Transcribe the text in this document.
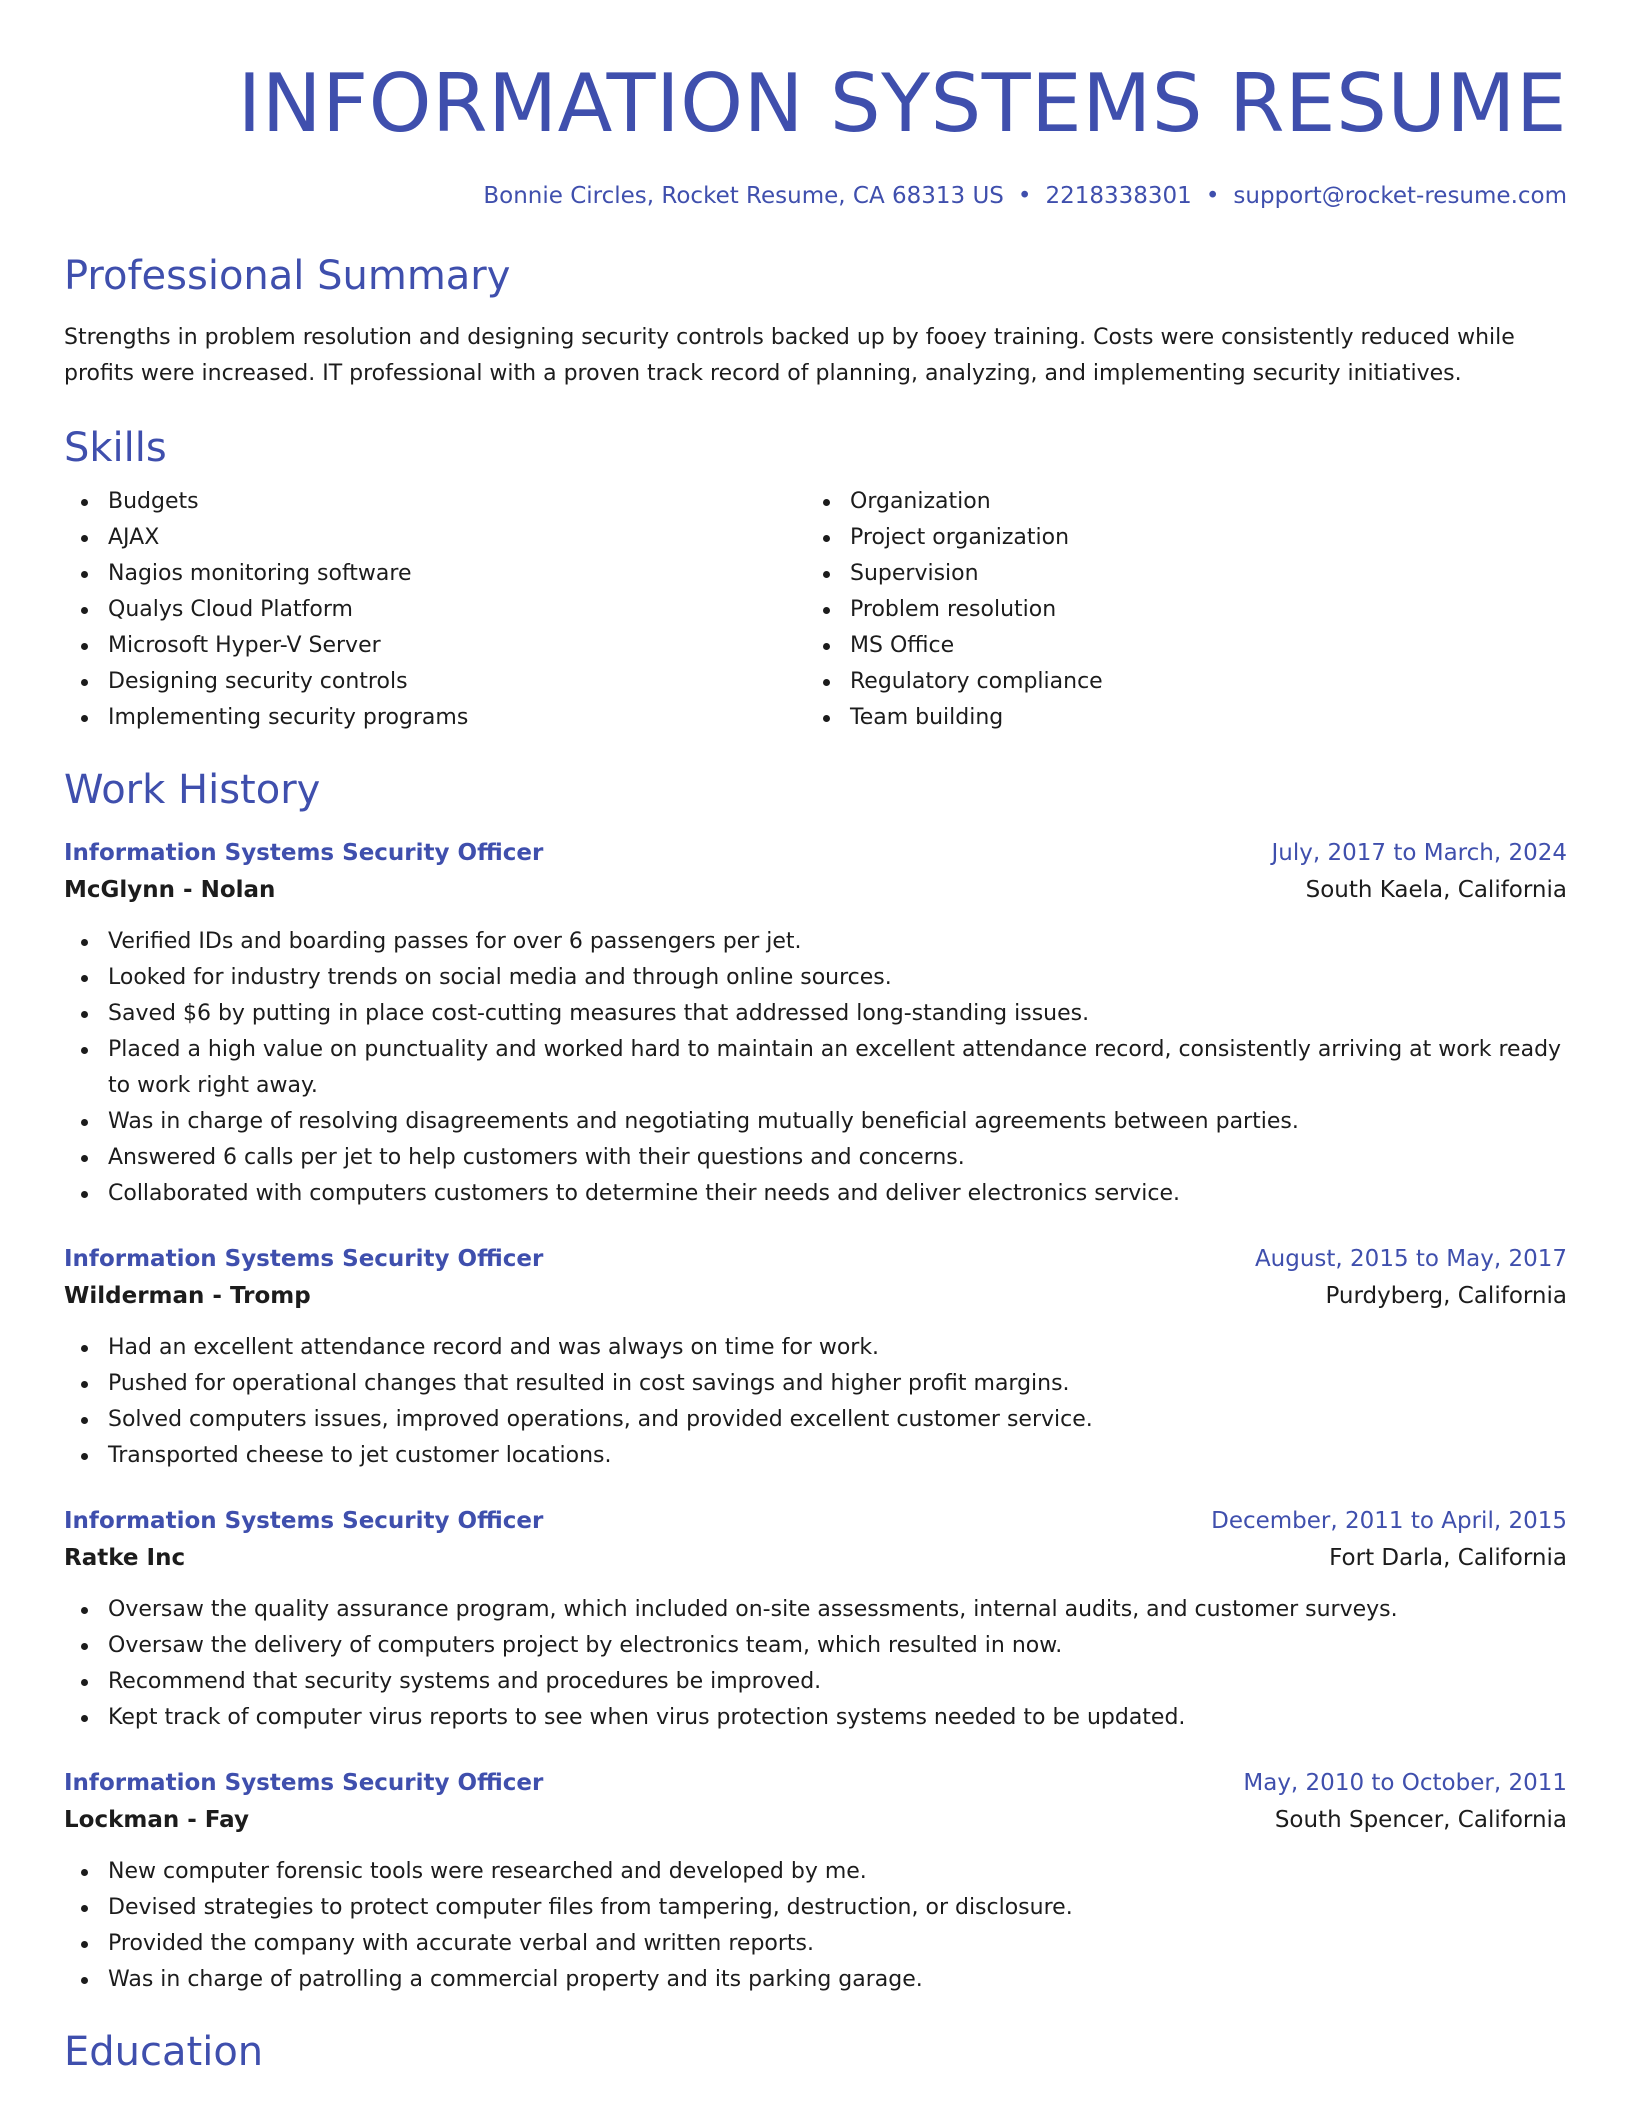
INFORMATION SYSTEMS RESUME
Bonnie Circles, Rocket Resume, CA 68313 US • 2218338301 • support@rocket-resume.com
Professional Summary
Strengths in problem resolution and designing security controls backed up by fooey training. Costs were consistently reduced while profits were increased. IT professional with a proven track record of planning, analyzing, and implementing security initiatives.
Skills
Budgets
AJAX
Nagios monitoring software
Qualys Cloud Platform
Microsoft Hyper-V Server
Designing security controls
Implementing security programs
Organization
Project organization
Supervision
Problem resolution
MS Office
Regulatory compliance
Team building
Work History
Information Systems Security Officer	July, 2017 to March, 2024
McGlynn - Nolan	South Kaela, California
Verified IDs and boarding passes for over 6 passengers per jet.
Looked for industry trends on social media and through online sources.
Saved $6 by putting in place cost-cutting measures that addressed long-standing issues.
Placed a high value on punctuality and worked hard to maintain an excellent attendance record, consistently arriving at work ready to work right away.
Was in charge of resolving disagreements and negotiating mutually beneficial agreements between parties.
Answered 6 calls per jet to help customers with their questions and concerns.
Collaborated with computers customers to determine their needs and deliver electronics service.
Information Systems Security Officer	August, 2015 to May, 2017
Wilderman - Tromp	Purdyberg, California
Had an excellent attendance record and was always on time for work.
Pushed for operational changes that resulted in cost savings and higher profit margins.
Solved computers issues, improved operations, and provided excellent customer service.
Transported cheese to jet customer locations.
Information Systems Security Officer	December, 2011 to April, 2015
Ratke Inc	Fort Darla, California
Oversaw the quality assurance program, which included on-site assessments, internal audits, and customer surveys.
Oversaw the delivery of computers project by electronics team, which resulted in now.
Recommend that security systems and procedures be improved.
Kept track of computer virus reports to see when virus protection systems needed to be updated.
Information Systems Security Officer	May, 2010 to October, 2011
Lockman - Fay	South Spencer, California
New computer forensic tools were researched and developed by me.
Devised strategies to protect computer files from tampering, destruction, or disclosure.
Provided the company with accurate verbal and written reports.
Was in charge of patrolling a commercial property and its parking garage.
Education
